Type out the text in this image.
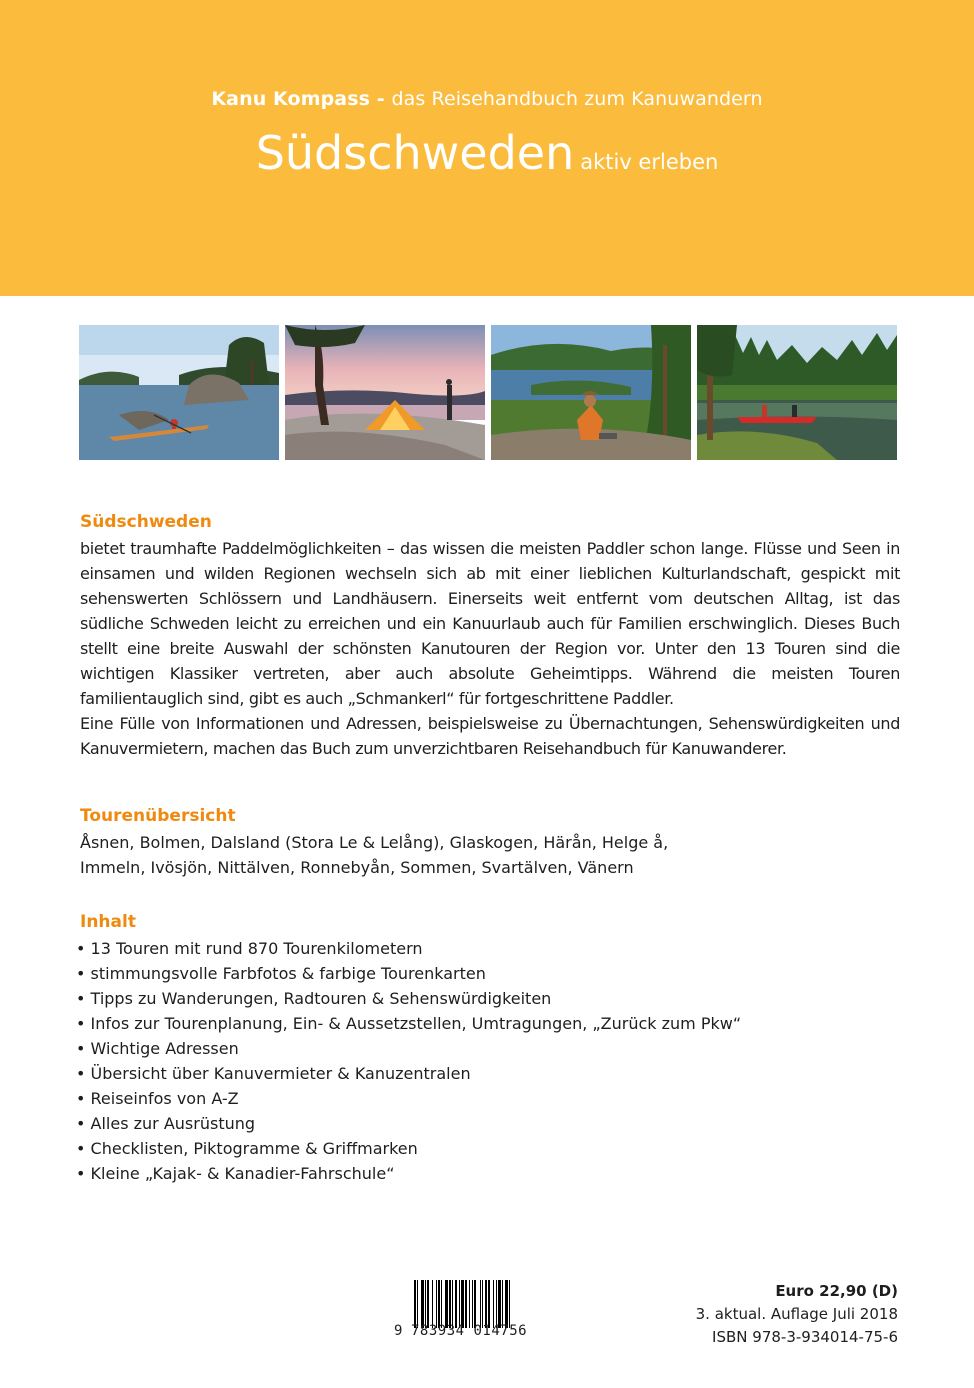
Kanu Kompass - das Reisehandbuch zum Kanuwandern
Südschweden aktiv erleben
Südschweden

bietet traumhafte Paddelmöglichkeiten – das wissen die meisten Paddler schon lange. Flüsse und Seen in einsamen und wilden Regionen wechseln sich ab mit einer lieblichen Kulturlandschaft, gespickt mit sehenswerten Schlössern und Landhäusern. Einerseits weit entfernt vom deutschen Alltag, ist das südliche Schweden leicht zu erreichen und ein Kanuurlaub auch für Familien erschwinglich. Dieses Buch stellt eine breite Auswahl der schönsten Kanutouren der Region vor. Unter den 13 Touren sind die wichtigen Klassiker vertreten, aber auch absolute Geheimtipps. Während die meisten Touren familientauglich sind, gibt es auch „Schmankerl“ für fortgeschrittene Paddler.

Eine Fülle von Informationen und Adressen, beispielsweise zu Übernachtungen, Sehenswürdigkeiten und Kanuvermietern, machen das Buch zum unverzichtbaren Reisehandbuch für Kanuwanderer.

Tourenübersicht
Åsnen, Bolmen, Dalsland (Stora Le & Lelång), Glaskogen, Härån, Helge å,
Immeln, Ivösjön, Nittälven, Ronnebyån, Sommen, Svartälven, Vänern
Inhalt
• 13 Touren mit rund 870 Tourenkilometern
• stimmungsvolle Farbfotos & farbige Tourenkarten
• Tipps zu Wanderungen, Radtouren & Sehenswürdigkeiten
• Infos zur Tourenplanung, Ein- & Aussetzstellen, Umtragungen, „Zurück zum Pkw“
• Wichtige Adressen
• Übersicht über Kanuvermieter & Kanuzentralen
• Reiseinfos von A-Z
• Alles zur Ausrüstung
• Checklisten, Piktogramme & Griffmarken
• Kleine „Kajak- & Kanadier-Fahrschule“
9 783934 014756
Euro 22,90 (D)
3. aktual. Auflage Juli 2018
ISBN 978-3-934014-75-6
